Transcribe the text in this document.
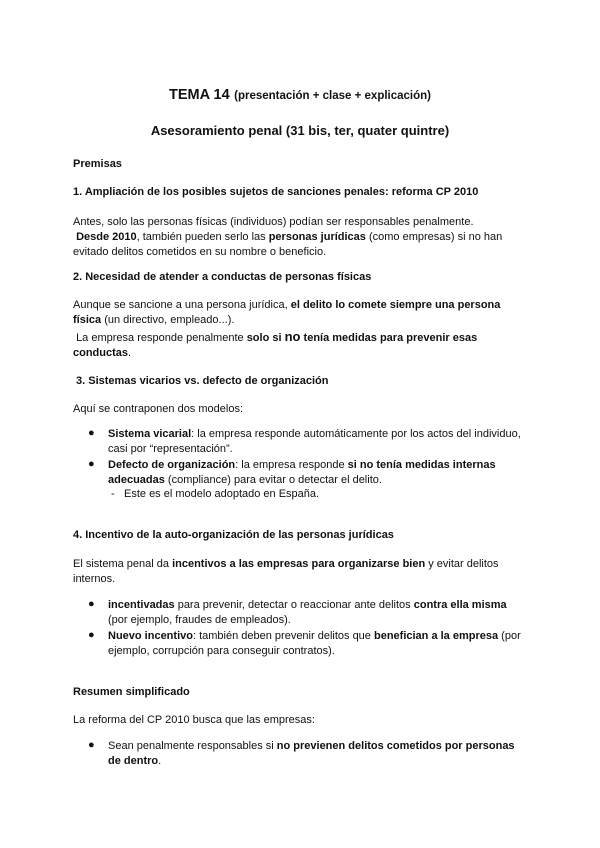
TEMA 14 (presentación + clase + explicación)
Asesoramiento penal (31 bis, ter, quater quintre)
Premisas
1. Ampliación de los posibles sujetos de sanciones penales: reforma CP 2010
Antes, solo las personas físicas (individuos) podían ser responsables penalmente.
Desde 2010, también pueden serlo las personas jurídicas (como empresas) si no han
evitado delitos cometidos en su nombre o beneficio.
2. Necesidad de atender a conductas de personas físicas
Aunque se sancione a una persona jurídica, el delito lo comete siempre una persona
física (un directivo, empleado...).
La empresa responde penalmente solo si no tenía medidas para prevenir esas
conductas.
3. Sistemas vicarios vs. defecto de organización
Aquí se contraponen dos modelos:
● Sistema vicarial: la empresa responde automáticamente por los actos del individuo,
casi por “representación”.
● Defecto de organización: la empresa responde si no tenía medidas internas
adecuadas (compliance) para evitar o detectar el delito.
- Este es el modelo adoptado en España.
4. Incentivo de la auto-organización de las personas jurídicas
El sistema penal da incentivos a las empresas para organizarse bien y evitar delitos
internos.
● incentivadas para prevenir, detectar o reaccionar ante delitos contra ella misma
(por ejemplo, fraudes de empleados).
● Nuevo incentivo: también deben prevenir delitos que benefician a la empresa (por
ejemplo, corrupción para conseguir contratos).
Resumen simplificado
La reforma del CP 2010 busca que las empresas:
● Sean penalmente responsables si no previenen delitos cometidos por personas
de dentro.
